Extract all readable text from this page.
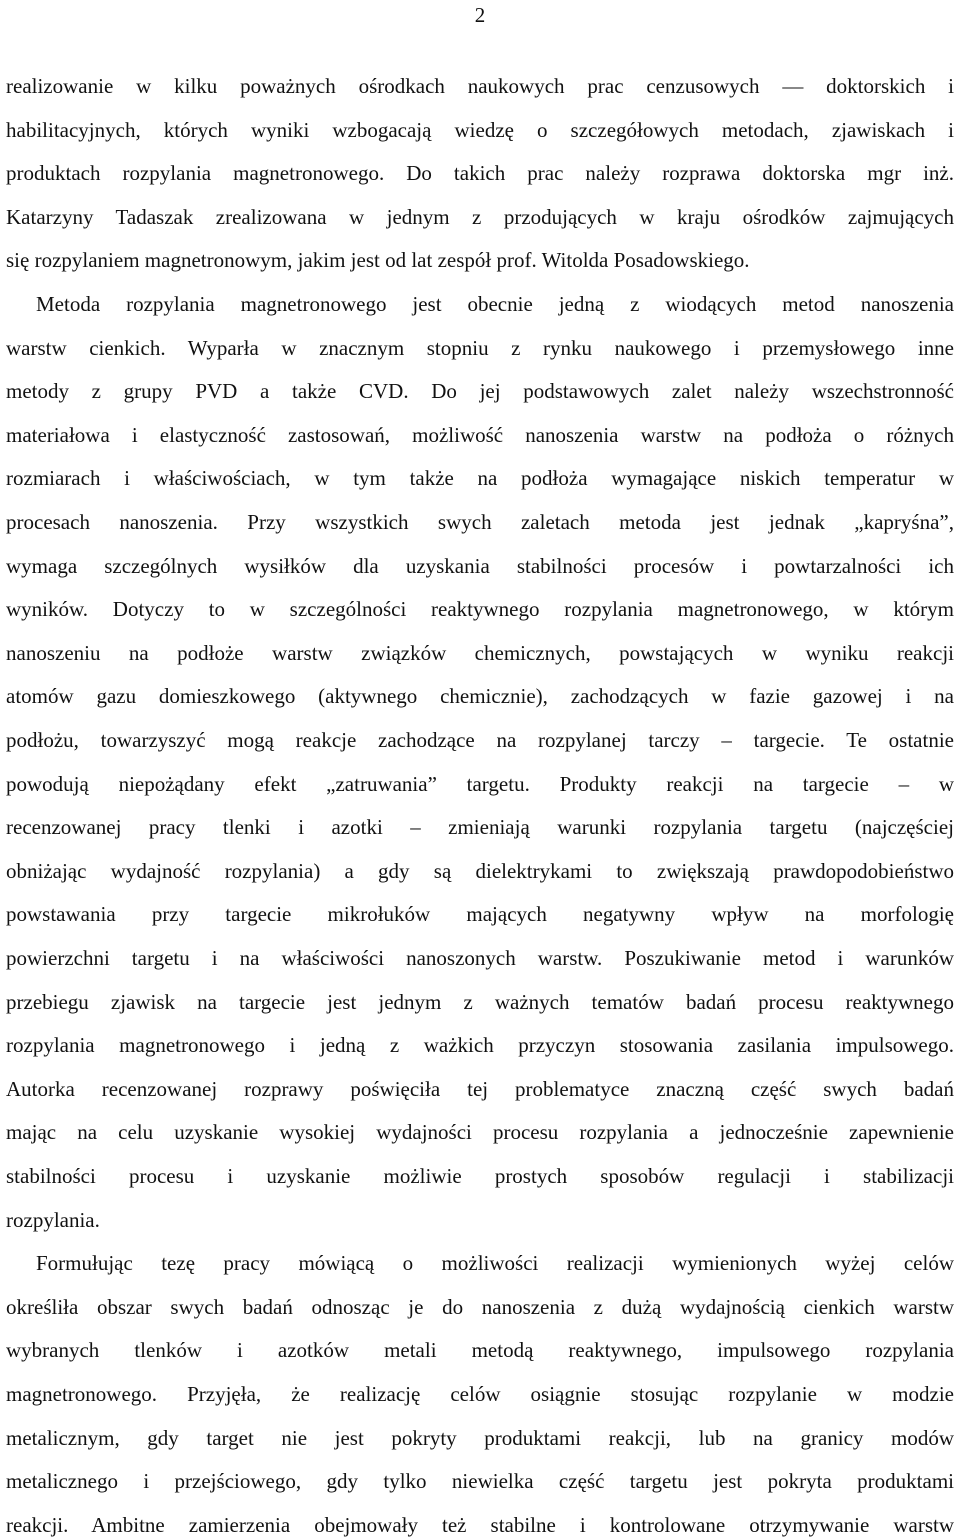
2
realizowanie w kilku poważnych ośrodkach naukowych prac cenzusowych — doktorskich i
habilitacyjnych, których wyniki wzbogacają wiedzę o szczegółowych metodach, zjawiskach i
produktach rozpylania magnetronowego. Do takich prac należy rozprawa doktorska mgr inż.
Katarzyny Tadaszak zrealizowana w jednym z przodujących w kraju ośrodków zajmujących
się rozpylaniem magnetronowym, jakim jest od lat zespół prof. Witolda Posadowskiego.
Metoda rozpylania magnetronowego jest obecnie jedną z wiodących metod nanoszenia
warstw cienkich. Wyparła w znacznym stopniu z rynku naukowego i przemysłowego inne
metody z grupy PVD a także CVD. Do jej podstawowych zalet należy wszechstronność
materiałowa i elastyczność zastosowań, możliwość nanoszenia warstw na podłoża o różnych
rozmiarach i właściwościach, w tym także na podłoża wymagające niskich temperatur w
procesach nanoszenia. Przy wszystkich swych zaletach metoda jest jednak „kapryśna”,
wymaga szczególnych wysiłków dla uzyskania stabilności procesów i powtarzalności ich
wyników. Dotyczy to w szczególności reaktywnego rozpylania magnetronowego, w którym
nanoszeniu na podłoże warstw związków chemicznych, powstających w wyniku reakcji
atomów gazu domieszkowego (aktywnego chemicznie), zachodzących w fazie gazowej i na
podłożu, towarzyszyć mogą reakcje zachodzące na rozpylanej tarczy – targecie. Te ostatnie
powodują niepożądany efekt „zatruwania” targetu. Produkty reakcji na targecie – w
recenzowanej pracy tlenki i azotki – zmieniają warunki rozpylania targetu (najczęściej
obniżając wydajność rozpylania) a gdy są dielektrykami to zwiększają prawdopodobieństwo
powstawania przy targecie mikrołuków mających negatywny wpływ na morfologię
powierzchni targetu i na właściwości nanoszonych warstw. Poszukiwanie metod i warunków
przebiegu zjawisk na targecie jest jednym z ważnych tematów badań procesu reaktywnego
rozpylania magnetronowego i jedną z ważkich przyczyn stosowania zasilania impulsowego.
Autorka recenzowanej rozprawy poświęciła tej problematyce znaczną część swych badań
mając na celu uzyskanie wysokiej wydajności procesu rozpylania a jednocześnie zapewnienie
stabilności procesu i uzyskanie możliwie prostych sposobów regulacji i stabilizacji
rozpylania.
Formułując tezę pracy mówiącą o możliwości realizacji wymienionych wyżej celów
określiła obszar swych badań odnosząc je do nanoszenia z dużą wydajnością cienkich warstw
wybranych tlenków i azotków metali metodą reaktywnego, impulsowego rozpylania
magnetronowego. Przyjęła, że realizację celów osiągnie stosując rozpylanie w modzie
metalicznym, gdy target nie jest pokryty produktami reakcji, lub na granicy modów
metalicznego i przejściowego, gdy tylko niewielka część targetu jest pokryta produktami
reakcji. Ambitne zamierzenia obejmowały też stabilne i kontrolowane otrzymywanie warstw
